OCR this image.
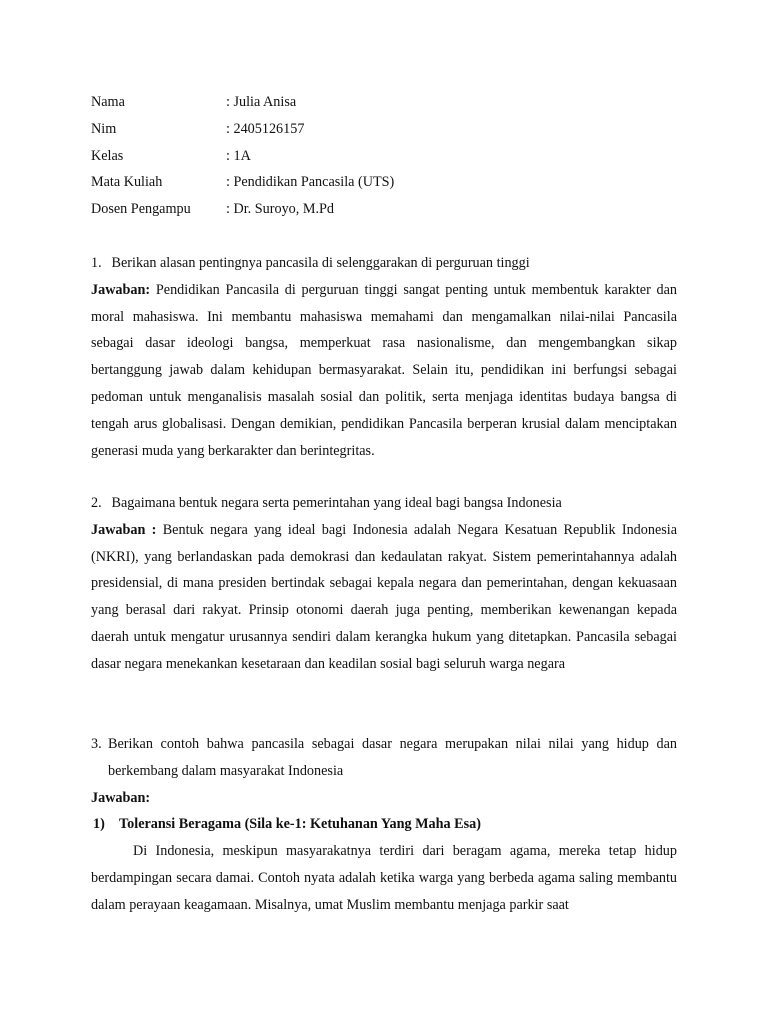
Nama	: Julia Anisa
Nim	: 2405126157
Kelas	: 1A
Mata Kuliah	: Pendidikan Pancasila (UTS)
Dosen Pengampu : Dr. Suroyo, M.Pd
1. Berikan alasan pentingnya pancasila di selenggarakan di perguruan tinggi

Jawaban: Pendidikan Pancasila di perguruan tinggi sangat penting untuk membentuk karakter dan moral mahasiswa. Ini membantu mahasiswa memahami dan mengamalkan nilai-nilai Pancasila sebagai dasar ideologi bangsa, memperkuat rasa nasionalisme, dan mengembangkan sikap bertanggung jawab dalam kehidupan bermasyarakat. Selain itu, pendidikan ini berfungsi sebagai pedoman untuk menganalisis masalah sosial dan politik, serta menjaga identitas budaya bangsa di tengah arus globalisasi. Dengan demikian, pendidikan Pancasila berperan krusial dalam menciptakan generasi muda yang berkarakter dan berintegritas.

2. Bagaimana bentuk negara serta pemerintahan yang ideal bagi bangsa Indonesia

Jawaban : Bentuk negara yang ideal bagi Indonesia adalah Negara Kesatuan Republik Indonesia (NKRI), yang berlandaskan pada demokrasi dan kedaulatan rakyat. Sistem pemerintahannya adalah presidensial, di mana presiden bertindak sebagai kepala negara dan pemerintahan, dengan kekuasaan yang berasal dari rakyat. Prinsip otonomi daerah juga penting, memberikan kewenangan kepada daerah untuk mengatur urusannya sendiri dalam kerangka hukum yang ditetapkan. Pancasila sebagai dasar negara menekankan kesetaraan dan keadilan sosial bagi seluruh warga negara

3. Berikan contoh bahwa pancasila sebagai dasar negara merupakan nilai nilai yang hidup dan
berkembang dalam masyarakat Indonesia
Jawaban:
1) Toleransi Beragama (Sila ke-1: Ketuhanan Yang Maha Esa)

Di Indonesia, meskipun masyarakatnya terdiri dari beragam agama, mereka tetap hidup berdampingan secara damai. Contoh nyata adalah ketika warga yang berbeda agama saling membantu dalam perayaan keagamaan. Misalnya, umat Muslim membantu menjaga parkir saat
